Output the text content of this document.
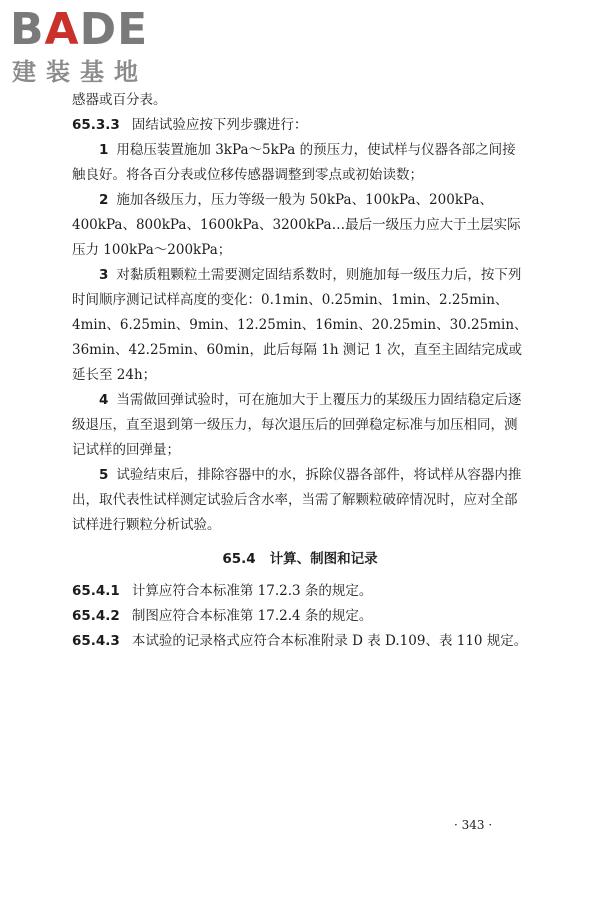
BADE
建装基地

感器或百分表。

65.3.3 固结试验应按下列步骤进行：

1 用稳压装置施加 3kPa～5kPa 的预压力，使试样与仪器各部之间接触良好。将各百分表或位移传感器调整到零点或初始读数；

2 施加各级压力，压力等级一般为 50kPa、100kPa、200kPa、400kPa、800kPa、1600kPa、3200kPa…最后一级压力应大于土层实际压力 100kPa～200kPa；

3 对黏质粗颗粒土需要测定固结系数时，则施加每一级压力后，按下列时间顺序测记试样高度的变化：0.1min、0.25min、1min、2.25min、4min、6.25min、9min、12.25min、16min、20.25min、30.25min、36min、42.25min、60min，此后每隔 1h 测记 1 次，直至主固结完成或延长至 24h；

4 当需做回弹试验时，可在施加大于上覆压力的某级压力固结稳定后逐级退压，直至退到第一级压力，每次退压后的回弹稳定标准与加压相同，测记试样的回弹量；

5 试验结束后，排除容器中的水，拆除仪器各部件，将试样从容器内推出，取代表性试样测定试验后含水率，当需了解颗粒破碎情况时，应对全部试样进行颗粒分析试验。

65.4 计算、制图和记录

65.4.1 计算应符合本标准第 17.2.3 条的规定。

65.4.2 制图应符合本标准第 17.2.4 条的规定。

65.4.3 本试验的记录格式应符合本标准附录 D 表 D.109、表 110 规定。

· 343 ·
